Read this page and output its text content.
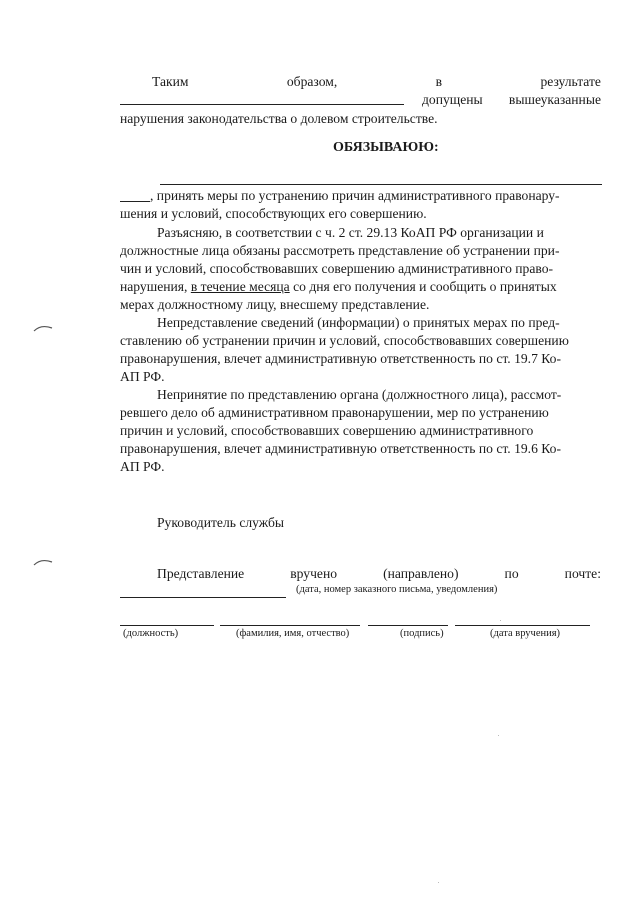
Таким	образом,	в	результате
допущены вышеуказанные
нарушения законодательства о долевом строительстве.
ОБЯЗЫВАЮЮ:
, принять меры по устранению причин административного правонару-
шения и условий, способствующих его совершению.
Разъясняю, в соответствии с ч. 2 ст. 29.13 КоАП РФ организации и
должностные лица обязаны рассмотреть представление об устранении при-
чин и условий, способствовавших совершению административного право-
нарушения, в течение месяца со дня его получения и сообщить о принятых
мерах должностному лицу, внесшему представление.
Непредставление сведений (информации) о принятых мерах по пред-
ставлению об устранении причин и условий, способствовавших совершению
правонарушения, влечет административную ответственность по ст. 19.7 Ко-
АП РФ.
Непринятие по представлению органа (должностного лица), рассмот-
ревшего дело об административном правонарушении, мер по устранению
причин и условий, способствовавших совершению административного
правонарушения, влечет административную ответственность по ст. 19.6 Ко-
АП РФ.
Руководитель службы
Представление	вручено	(направлено)	по	почте:
(дата, номер заказного письма, уведомления)
(должность)	(фамилия, имя, отчество)	(подпись)	(дата вручения)
